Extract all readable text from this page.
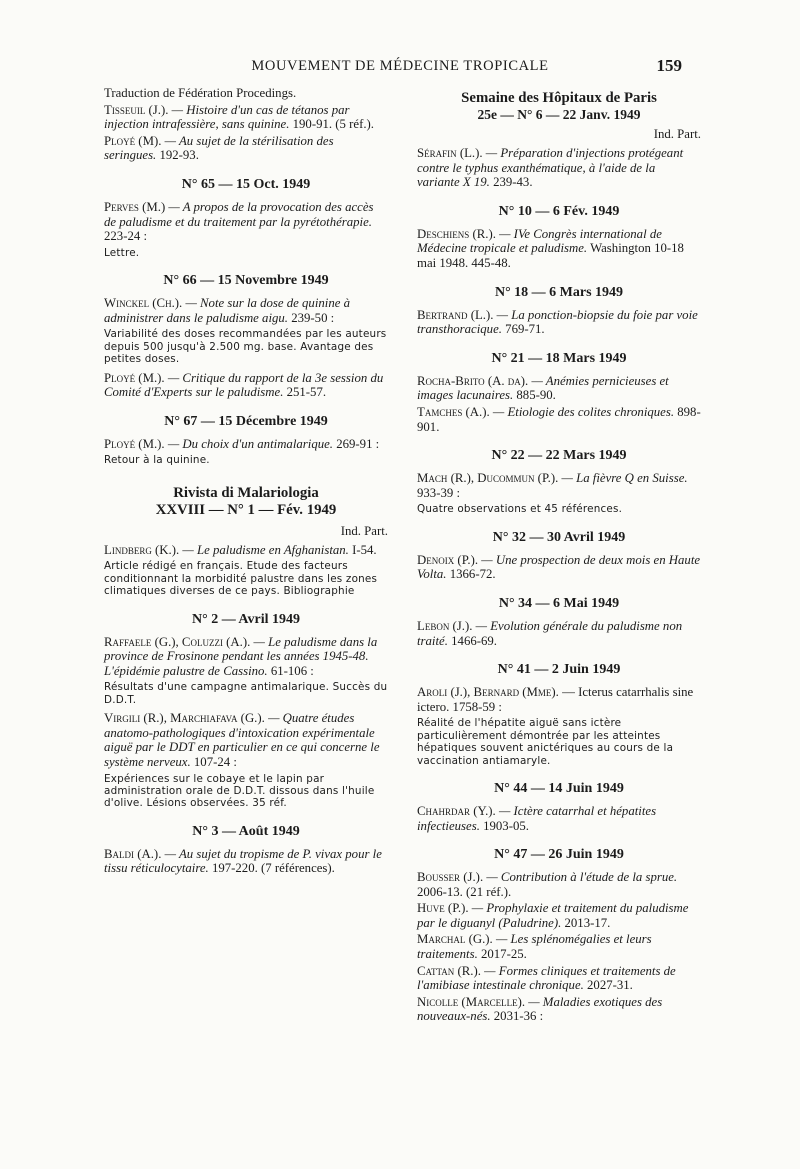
MOUVEMENT DE MÉDECINE TROPICALE	159
Traduction de Fédération Procedings.

Tisseuil (J.). — Histoire d'un cas de tétanos par injection intrafessière, sans quinine. 190-91. (5 réf.).

Ployé (M). — Au sujet de la stérilisation des seringues. 192-93.

N° 65 — 15 Oct. 1949

Perves (M.) — A propos de la provocation des accès de paludisme et du traitement par la pyrétothérapie. 223-24 :

Lettre.
N° 66 — 15 Novembre 1949

Winckel (Ch.). — Note sur la dose de quinine à administrer dans le paludisme aigu. 239-50 :

Variabilité des doses recommandées par les auteurs depuis 500 jusqu'à 2.500 mg. base. Avantage des petites doses.

Ployé (M.). — Critique du rapport de la 3e session du Comité d'Experts sur le paludisme. 251-57.

N° 67 — 15 Décembre 1949

Ployé (M.). — Du choix d'un antimalarique. 269-91 :

Retour à la quinine.
Rivista di Malariologia
XXVIII — N° 1 — Fév. 1949
Ind. Part.

Lindberg (K.). — Le paludisme en Afghanistan. I-54.

Article rédigé en français. Etude des facteurs conditionnant la morbidité palustre dans les zones climatiques diverses de ce pays. Bibliographie
N° 2 — Avril 1949

Raffaele (G.), Coluzzi (A.). — Le paludisme dans la province de Frosinone pendant les années 1945-48. L'épidémie palustre de Cassino. 61-106 :

Résultats d'une campagne antimalarique. Succès du D.D.T.

Virgili (R.), Marchiafava (G.). — Quatre études anatomo-pathologiques d'intoxication expérimentale aiguë par le DDT en particulier en ce qui concerne le système nerveux. 107-24 :

Expériences sur le cobaye et le lapin par administration orale de D.D.T. dissous dans l'huile d'olive. Lésions observées. 35 réf.
N° 3 — Août 1949

Baldi (A.). — Au sujet du tropisme de P. vivax pour le tissu réticulocytaire. 197-220. (7 références).

Semaine des Hôpitaux de Paris
25e — N° 6 — 22 Janv. 1949
Ind. Part.

Sérafin (L.). — Préparation d'injections protégeant contre le typhus exanthématique, à l'aide de la variante X 19. 239-43.

N° 10 — 6 Fév. 1949

Deschiens (R.). — IVe Congrès international de Médecine tropicale et paludisme. Washington 10-18 mai 1948. 445-48.

N° 18 — 6 Mars 1949

Bertrand (L.). — La ponction-biopsie du foie par voie transthoracique. 769-71.

N° 21 — 18 Mars 1949

Rocha-Brito (A. da). — Anémies pernicieuses et images lacunaires. 885-90.

Tamches (A.). — Etiologie des colites chroniques. 898-901.

N° 22 — 22 Mars 1949

Mach (R.), Ducommun (P.). — La fièvre Q en Suisse. 933-39 :

Quatre observations et 45 références.
N° 32 — 30 Avril 1949

Denoix (P.). — Une prospection de deux mois en Haute Volta. 1366-72.

N° 34 — 6 Mai 1949

Lebon (J.). — Evolution générale du paludisme non traité. 1466-69.

N° 41 — 2 Juin 1949

Aroli (J.), Bernard (Mme). — Icterus catarrhalis sine ictero. 1758-59 :

Réalité de l'hépatite aiguë sans ictère particulièrement démontrée par les atteintes hépatiques souvent anictériques au cours de la vaccination antiamaryle.
N° 44 — 14 Juin 1949

Chahrdar (Y.). — Ictère catarrhal et hépatites infectieuses. 1903-05.

N° 47 — 26 Juin 1949

Bousser (J.). — Contribution à l'étude de la sprue. 2006-13. (21 réf.).

Huve (P.). — Prophylaxie et traitement du paludisme par le diguanyl (Paludrine). 2013-17.

Marchal (G.). — Les splénomégalies et leurs traitements. 2017-25.

Cattan (R.). — Formes cliniques et traitements de l'amibiase intestinale chronique. 2027-31.

Nicolle (Marcelle). — Maladies exotiques des nouveaux-nés. 2031-36 :
